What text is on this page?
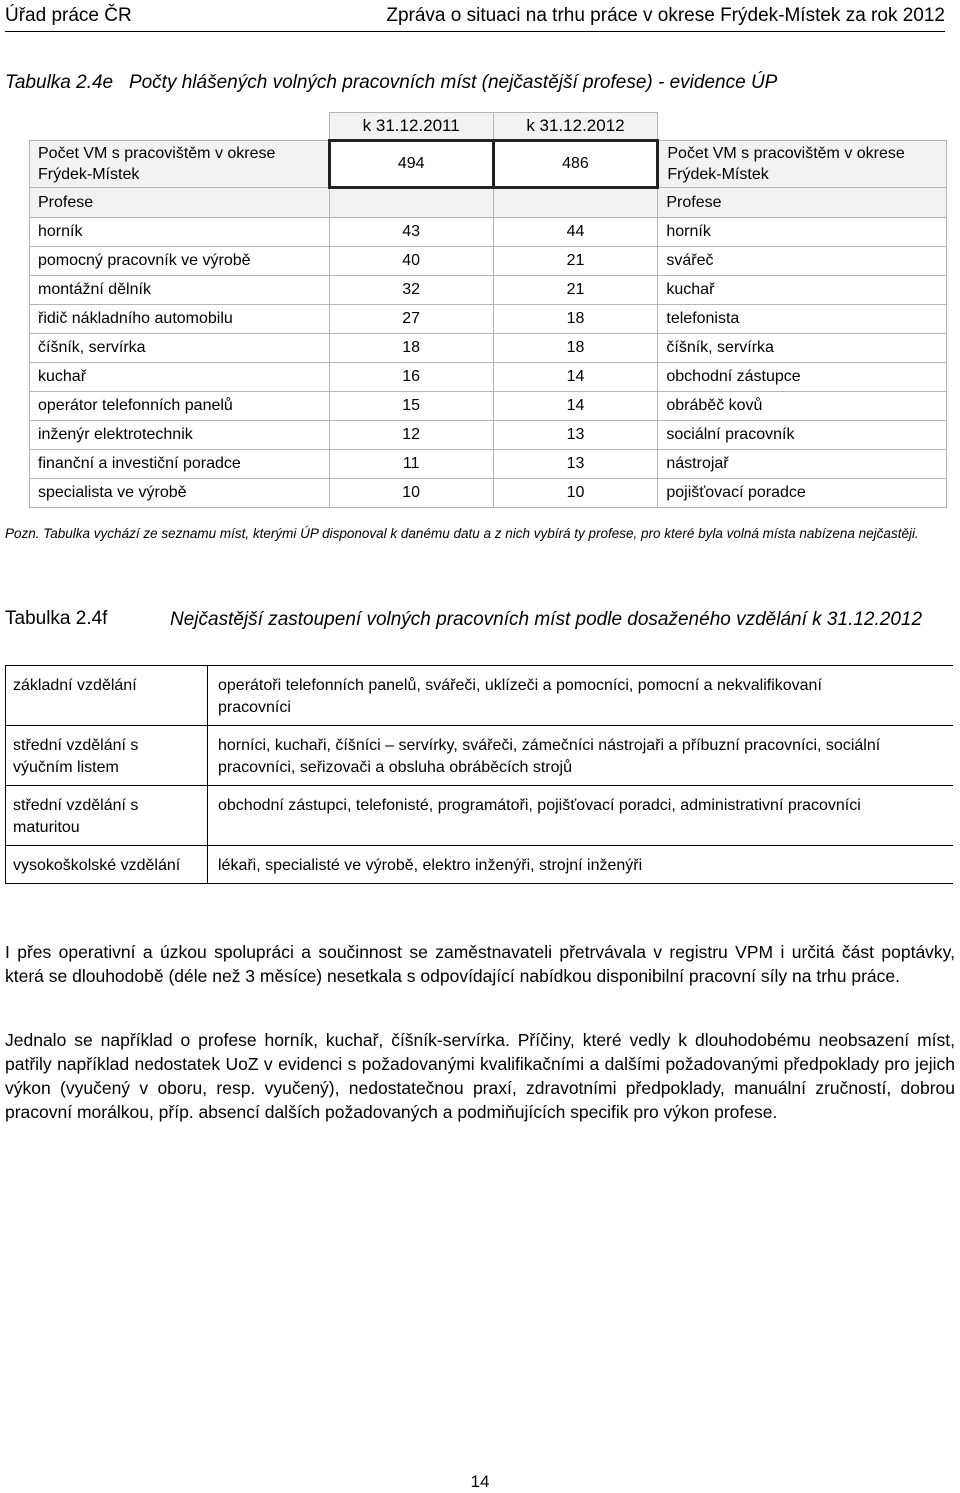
Úřad práce ČR	Zpráva o situaci na trhu práce v okrese Frýdek-Místek za rok 2012
Tabulka 2.4e   Počty hlášených volných pracovních míst (nejčastější profese) - evidence ÚP
	k 31.12.2011	k 31.12.2012	
Počet VM s pracovištěm v okrese Frýdek-Místek	494	486	Počet VM s pracovištěm v okrese Frýdek-Místek
Profese			Profese
horník	43	44	horník
pomocný pracovník ve výrobě	40	21	svářeč
montážní dělník	32	21	kuchař
řidič nákladního automobilu	27	18	telefonista
číšník, servírka	18	18	číšník, servírka
kuchař	16	14	obchodní zástupce
operátor telefonních panelů	15	14	obráběč kovů
inženýr elektrotechnik	12	13	sociální pracovník
finanční a investiční poradce	11	13	nástrojař
specialista ve výrobě	10	10	pojišťovací poradce
Pozn. Tabulka vychází ze seznamu míst, kterými ÚP disponoval k danému datu a z nich vybírá ty profese, pro které byla volná místa nabízena nejčastěji.
Tabulka 2.4f	Nejčastější zastoupení volných pracovních míst podle dosaženého vzdělání k 31.12.2012
základní vzdělání	operátoři telefonních panelů, svářeči, uklízeči a pomocníci, pomocní a nekvalifikovaní pracovníci
střední vzdělání s výučním listem	horníci, kuchaři, číšníci – servírky, svářeči, zámečníci nástrojaři a příbuzní pracovníci, sociální pracovníci, seřizovači a obsluha obráběcích strojů
střední vzdělání s maturitou	obchodní zástupci, telefonisté, programátoři, pojišťovací poradci, administrativní pracovníci
vysokoškolské vzdělání	lékaři, specialisté ve výrobě, elektro inženýři, strojní inženýři
I přes operativní a úzkou spolupráci a součinnost se zaměstnavateli přetrvávala v registru VPM i určitá část poptávky, která se dlouhodobě (déle než 3 měsíce) nesetkala s odpovídající nabídkou disponibilní pracovní síly na trhu práce.
Jednalo se například o profese horník, kuchař, číšník-servírka. Příčiny, které vedly k dlouhodobému neobsazení míst, patřily například nedostatek UoZ v evidenci s požadovanými kvalifikačními a dalšími požadovanými předpoklady pro jejich výkon (vyučený v oboru, resp. vyučený), nedostatečnou praxí, zdravotními předpoklady, manuální zručností, dobrou pracovní morálkou, příp. absencí dalších požadovaných a podmiňujících specifik pro výkon profese.
14
